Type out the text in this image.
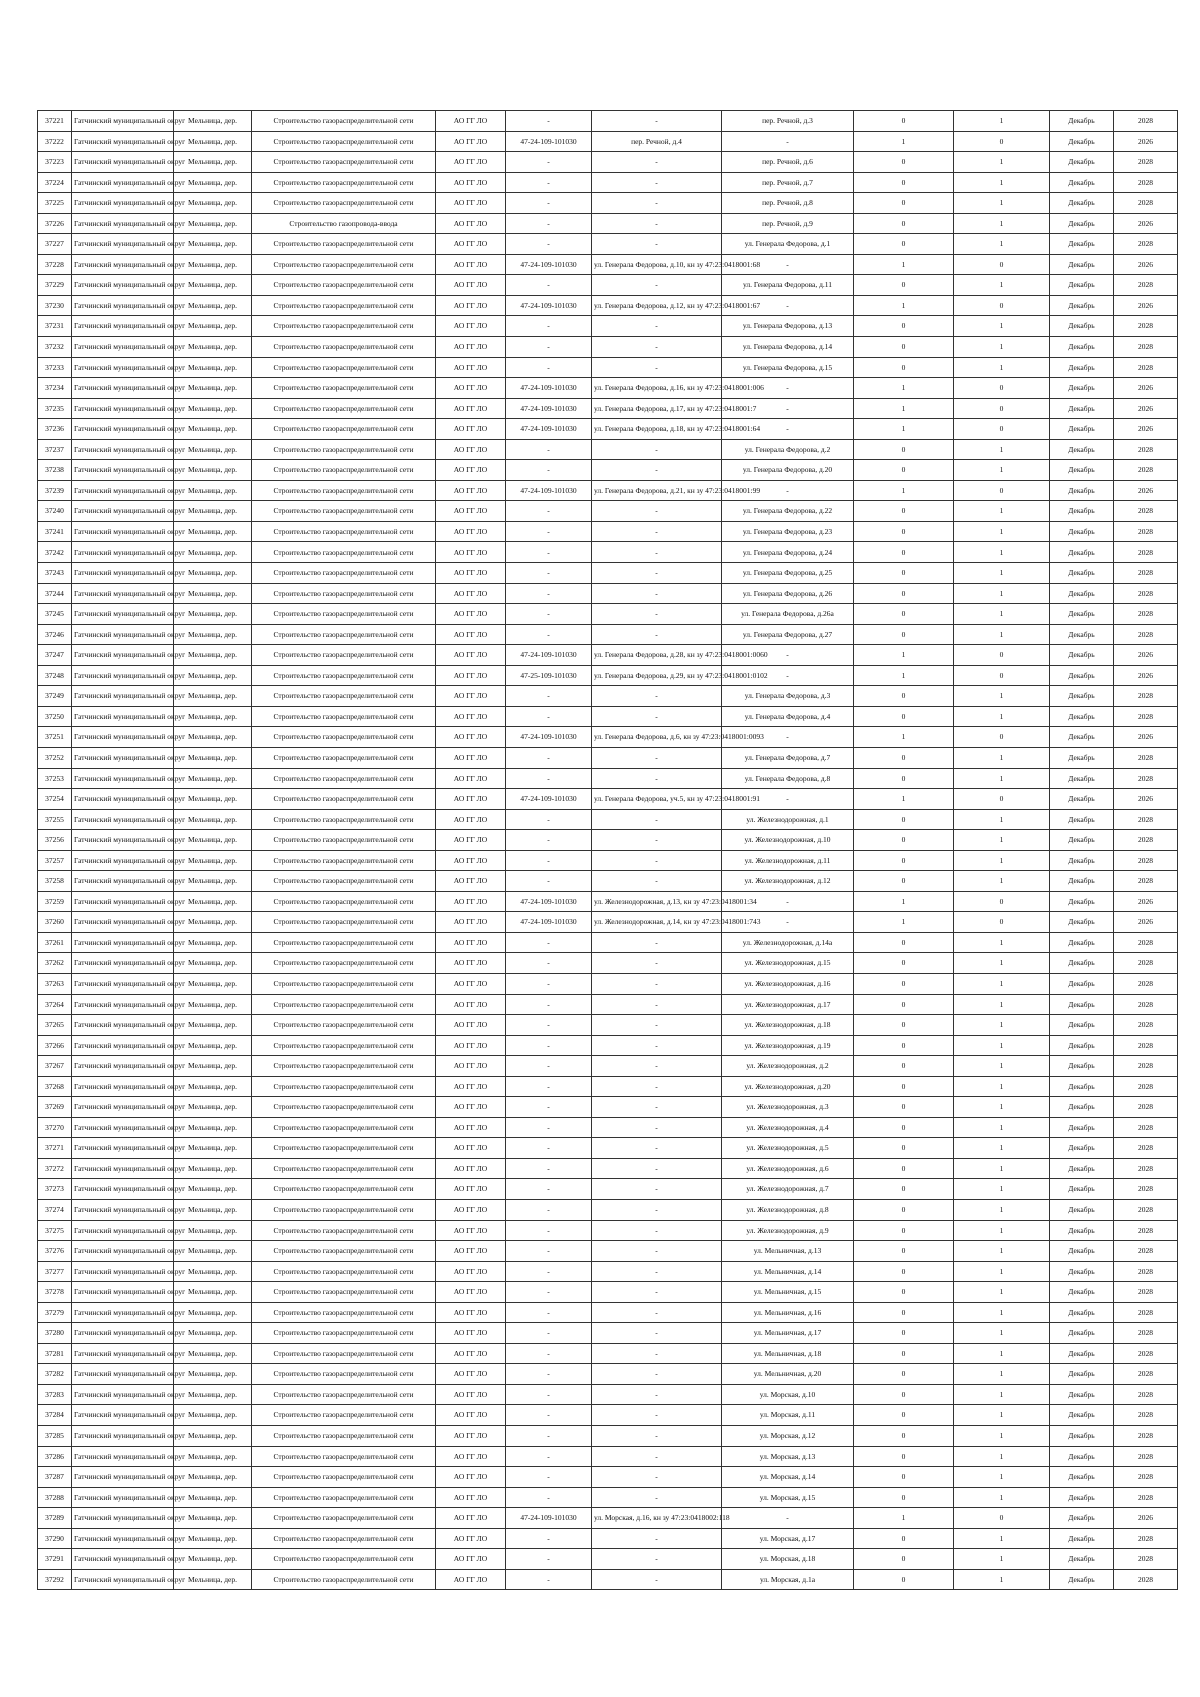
37221	Гатчинский муниципальный округ	Мельница, дер.	Строительство газораспределительной сети	АО ГГ ЛО	-	-	пер. Речной, д.3	0	1	Декабрь	2028
37222	Гатчинский муниципальный округ	Мельница, дер.	Строительство газораспределительной сети	АО ГГ ЛО	47-24-109-101030	пер. Речной, д.4	-	1	0	Декабрь	2026
37223	Гатчинский муниципальный округ	Мельница, дер.	Строительство газораспределительной сети	АО ГГ ЛО	-	-	пер. Речной, д.6	0	1	Декабрь	2028
37224	Гатчинский муниципальный округ	Мельница, дер.	Строительство газораспределительной сети	АО ГГ ЛО	-	-	пер. Речной, д.7	0	1	Декабрь	2028
37225	Гатчинский муниципальный округ	Мельница, дер.	Строительство газораспределительной сети	АО ГГ ЛО	-	-	пер. Речной, д.8	0	1	Декабрь	2028
37226	Гатчинский муниципальный округ	Мельница, дер.	Строительство газопровода-ввода	АО ГГ ЛО	-	-	пер. Речной, д.9	0	1	Декабрь	2026
37227	Гатчинский муниципальный округ	Мельница, дер.	Строительство газораспределительной сети	АО ГГ ЛО	-	-	ул. Генерала Федорова, д.1	0	1	Декабрь	2028
37228	Гатчинский муниципальный округ	Мельница, дер.	Строительство газораспределительной сети	АО ГГ ЛО	47-24-109-101030	ул. Генерала Федорова, д.10, кн зу 47:23:0418001:68	-	1	0	Декабрь	2026
37229	Гатчинский муниципальный округ	Мельница, дер.	Строительство газораспределительной сети	АО ГГ ЛО	-	-	ул. Генерала Федорова, д.11	0	1	Декабрь	2028
37230	Гатчинский муниципальный округ	Мельница, дер.	Строительство газораспределительной сети	АО ГГ ЛО	47-24-109-101030	ул. Генерала Федорова, д.12, кн зу 47:23:0418001:67	-	1	0	Декабрь	2026
37231	Гатчинский муниципальный округ	Мельница, дер.	Строительство газораспределительной сети	АО ГГ ЛО	-	-	ул. Генерала Федорова, д.13	0	1	Декабрь	2028
37232	Гатчинский муниципальный округ	Мельница, дер.	Строительство газораспределительной сети	АО ГГ ЛО	-	-	ул. Генерала Федорова, д.14	0	1	Декабрь	2028
37233	Гатчинский муниципальный округ	Мельница, дер.	Строительство газораспределительной сети	АО ГГ ЛО	-	-	ул. Генерала Федорова, д.15	0	1	Декабрь	2028
37234	Гатчинский муниципальный округ	Мельница, дер.	Строительство газораспределительной сети	АО ГГ ЛО	47-24-109-101030	ул. Генерала Федорова, д.16, кн зу 47:23:0418001:006	-	1	0	Декабрь	2026
37235	Гатчинский муниципальный округ	Мельница, дер.	Строительство газораспределительной сети	АО ГГ ЛО	47-24-109-101030	ул. Генерала Федорова, д.17, кн зу 47:23:0418001:7	-	1	0	Декабрь	2026
37236	Гатчинский муниципальный округ	Мельница, дер.	Строительство газораспределительной сети	АО ГГ ЛО	47-24-109-101030	ул. Генерала Федорова, д.18, кн зу 47:23:0418001:64	-	1	0	Декабрь	2026
37237	Гатчинский муниципальный округ	Мельница, дер.	Строительство газораспределительной сети	АО ГГ ЛО	-	-	ул. Генерала Федорова, д.2	0	1	Декабрь	2028
37238	Гатчинский муниципальный округ	Мельница, дер.	Строительство газораспределительной сети	АО ГГ ЛО	-	-	ул. Генерала Федорова, д.20	0	1	Декабрь	2028
37239	Гатчинский муниципальный округ	Мельница, дер.	Строительство газораспределительной сети	АО ГГ ЛО	47-24-109-101030	ул. Генерала Федорова, д.21, кн зу 47:23:0418001:99	-	1	0	Декабрь	2026
37240	Гатчинский муниципальный округ	Мельница, дер.	Строительство газораспределительной сети	АО ГГ ЛО	-	-	ул. Генерала Федорова, д.22	0	1	Декабрь	2028
37241	Гатчинский муниципальный округ	Мельница, дер.	Строительство газораспределительной сети	АО ГГ ЛО	-	-	ул. Генерала Федорова, д.23	0	1	Декабрь	2028
37242	Гатчинский муниципальный округ	Мельница, дер.	Строительство газораспределительной сети	АО ГГ ЛО	-	-	ул. Генерала Федорова, д.24	0	1	Декабрь	2028
37243	Гатчинский муниципальный округ	Мельница, дер.	Строительство газораспределительной сети	АО ГГ ЛО	-	-	ул. Генерала Федорова, д.25	0	1	Декабрь	2028
37244	Гатчинский муниципальный округ	Мельница, дер.	Строительство газораспределительной сети	АО ГГ ЛО	-	-	ул. Генерала Федорова, д.26	0	1	Декабрь	2028
37245	Гатчинский муниципальный округ	Мельница, дер.	Строительство газораспределительной сети	АО ГГ ЛО	-	-	ул. Генерала Федорова, д.26а	0	1	Декабрь	2028
37246	Гатчинский муниципальный округ	Мельница, дер.	Строительство газораспределительной сети	АО ГГ ЛО	-	-	ул. Генерала Федорова, д.27	0	1	Декабрь	2028
37247	Гатчинский муниципальный округ	Мельница, дер.	Строительство газораспределительной сети	АО ГГ ЛО	47-24-109-101030	ул. Генерала Федорова, д.28, кн зу 47:23:0418001:0060	-	1	0	Декабрь	2026
37248	Гатчинский муниципальный округ	Мельница, дер.	Строительство газораспределительной сети	АО ГГ ЛО	47-25-109-101030	ул. Генерала Федорова, д.29, кн зу 47:23:0418001:0102	-	1	0	Декабрь	2026
37249	Гатчинский муниципальный округ	Мельница, дер.	Строительство газораспределительной сети	АО ГГ ЛО	-	-	ул. Генерала Федорова, д.3	0	1	Декабрь	2028
37250	Гатчинский муниципальный округ	Мельница, дер.	Строительство газораспределительной сети	АО ГГ ЛО	-	-	ул. Генерала Федорова, д.4	0	1	Декабрь	2028
37251	Гатчинский муниципальный округ	Мельница, дер.	Строительство газораспределительной сети	АО ГГ ЛО	47-24-109-101030	ул. Генерала Федорова, д.6, кн зу 47:23:0418001:0093	-	1	0	Декабрь	2026
37252	Гатчинский муниципальный округ	Мельница, дер.	Строительство газораспределительной сети	АО ГГ ЛО	-	-	ул. Генерала Федорова, д.7	0	1	Декабрь	2028
37253	Гатчинский муниципальный округ	Мельница, дер.	Строительство газораспределительной сети	АО ГГ ЛО	-	-	ул. Генерала Федорова, д.8	0	1	Декабрь	2028
37254	Гатчинский муниципальный округ	Мельница, дер.	Строительство газораспределительной сети	АО ГГ ЛО	47-24-109-101030	ул. Генерала Федорова, уч.5, кн зу 47:23:0418001:91	-	1	0	Декабрь	2026
37255	Гатчинский муниципальный округ	Мельница, дер.	Строительство газораспределительной сети	АО ГГ ЛО	-	-	ул. Железнодорожная, д.1	0	1	Декабрь	2028
37256	Гатчинский муниципальный округ	Мельница, дер.	Строительство газораспределительной сети	АО ГГ ЛО	-	-	ул. Железнодорожная, д.10	0	1	Декабрь	2028
37257	Гатчинский муниципальный округ	Мельница, дер.	Строительство газораспределительной сети	АО ГГ ЛО	-	-	ул. Железнодорожная, д.11	0	1	Декабрь	2028
37258	Гатчинский муниципальный округ	Мельница, дер.	Строительство газораспределительной сети	АО ГГ ЛО	-	-	ул. Железнодорожная, д.12	0	1	Декабрь	2028
37259	Гатчинский муниципальный округ	Мельница, дер.	Строительство газораспределительной сети	АО ГГ ЛО	47-24-109-101030	ул. Железнодорожная, д.13, кн зу 47:23:0418001:34	-	1	0	Декабрь	2026
37260	Гатчинский муниципальный округ	Мельница, дер.	Строительство газораспределительной сети	АО ГГ ЛО	47-24-109-101030	ул. Железнодорожная, д.14, кн зу 47:23:0418001:743	-	1	0	Декабрь	2026
37261	Гатчинский муниципальный округ	Мельница, дер.	Строительство газораспределительной сети	АО ГГ ЛО	-	-	ул. Железнодорожная, д.14а	0	1	Декабрь	2028
37262	Гатчинский муниципальный округ	Мельница, дер.	Строительство газораспределительной сети	АО ГГ ЛО	-	-	ул. Железнодорожная, д.15	0	1	Декабрь	2028
37263	Гатчинский муниципальный округ	Мельница, дер.	Строительство газораспределительной сети	АО ГГ ЛО	-	-	ул. Железнодорожная, д.16	0	1	Декабрь	2028
37264	Гатчинский муниципальный округ	Мельница, дер.	Строительство газораспределительной сети	АО ГГ ЛО	-	-	ул. Железнодорожная, д.17	0	1	Декабрь	2028
37265	Гатчинский муниципальный округ	Мельница, дер.	Строительство газораспределительной сети	АО ГГ ЛО	-	-	ул. Железнодорожная, д.18	0	1	Декабрь	2028
37266	Гатчинский муниципальный округ	Мельница, дер.	Строительство газораспределительной сети	АО ГГ ЛО	-	-	ул. Железнодорожная, д.19	0	1	Декабрь	2028
37267	Гатчинский муниципальный округ	Мельница, дер.	Строительство газораспределительной сети	АО ГГ ЛО	-	-	ул. Железнодорожная, д.2	0	1	Декабрь	2028
37268	Гатчинский муниципальный округ	Мельница, дер.	Строительство газораспределительной сети	АО ГГ ЛО	-	-	ул. Железнодорожная, д.20	0	1	Декабрь	2028
37269	Гатчинский муниципальный округ	Мельница, дер.	Строительство газораспределительной сети	АО ГГ ЛО	-	-	ул. Железнодорожная, д.3	0	1	Декабрь	2028
37270	Гатчинский муниципальный округ	Мельница, дер.	Строительство газораспределительной сети	АО ГГ ЛО	-	-	ул. Железнодорожная, д.4	0	1	Декабрь	2028
37271	Гатчинский муниципальный округ	Мельница, дер.	Строительство газораспределительной сети	АО ГГ ЛО	-	-	ул. Железнодорожная, д.5	0	1	Декабрь	2028
37272	Гатчинский муниципальный округ	Мельница, дер.	Строительство газораспределительной сети	АО ГГ ЛО	-	-	ул. Железнодорожная, д.6	0	1	Декабрь	2028
37273	Гатчинский муниципальный округ	Мельница, дер.	Строительство газораспределительной сети	АО ГГ ЛО	-	-	ул. Железнодорожная, д.7	0	1	Декабрь	2028
37274	Гатчинский муниципальный округ	Мельница, дер.	Строительство газораспределительной сети	АО ГГ ЛО	-	-	ул. Железнодорожная, д.8	0	1	Декабрь	2028
37275	Гатчинский муниципальный округ	Мельница, дер.	Строительство газораспределительной сети	АО ГГ ЛО	-	-	ул. Железнодорожная, д.9	0	1	Декабрь	2028
37276	Гатчинский муниципальный округ	Мельница, дер.	Строительство газораспределительной сети	АО ГГ ЛО	-	-	ул. Мельничная, д.13	0	1	Декабрь	2028
37277	Гатчинский муниципальный округ	Мельница, дер.	Строительство газораспределительной сети	АО ГГ ЛО	-	-	ул. Мельничная, д.14	0	1	Декабрь	2028
37278	Гатчинский муниципальный округ	Мельница, дер.	Строительство газораспределительной сети	АО ГГ ЛО	-	-	ул. Мельничная, д.15	0	1	Декабрь	2028
37279	Гатчинский муниципальный округ	Мельница, дер.	Строительство газораспределительной сети	АО ГГ ЛО	-	-	ул. Мельничная, д.16	0	1	Декабрь	2028
37280	Гатчинский муниципальный округ	Мельница, дер.	Строительство газораспределительной сети	АО ГГ ЛО	-	-	ул. Мельничная, д.17	0	1	Декабрь	2028
37281	Гатчинский муниципальный округ	Мельница, дер.	Строительство газораспределительной сети	АО ГГ ЛО	-	-	ул. Мельничная, д.18	0	1	Декабрь	2028
37282	Гатчинский муниципальный округ	Мельница, дер.	Строительство газораспределительной сети	АО ГГ ЛО	-	-	ул. Мельничная, д.20	0	1	Декабрь	2028
37283	Гатчинский муниципальный округ	Мельница, дер.	Строительство газораспределительной сети	АО ГГ ЛО	-	-	ул. Морская, д.10	0	1	Декабрь	2028
37284	Гатчинский муниципальный округ	Мельница, дер.	Строительство газораспределительной сети	АО ГГ ЛО	-	-	ул. Морская, д.11	0	1	Декабрь	2028
37285	Гатчинский муниципальный округ	Мельница, дер.	Строительство газораспределительной сети	АО ГГ ЛО	-	-	ул. Морская, д.12	0	1	Декабрь	2028
37286	Гатчинский муниципальный округ	Мельница, дер.	Строительство газораспределительной сети	АО ГГ ЛО	-	-	ул. Морская, д.13	0	1	Декабрь	2028
37287	Гатчинский муниципальный округ	Мельница, дер.	Строительство газораспределительной сети	АО ГГ ЛО	-	-	ул. Морская, д.14	0	1	Декабрь	2028
37288	Гатчинский муниципальный округ	Мельница, дер.	Строительство газораспределительной сети	АО ГГ ЛО	-	-	ул. Морская, д.15	0	1	Декабрь	2028
37289	Гатчинский муниципальный округ	Мельница, дер.	Строительство газораспределительной сети	АО ГГ ЛО	47-24-109-101030	ул. Морская, д.16, кн зу 47:23:0418002:118	-	1	0	Декабрь	2026
37290	Гатчинский муниципальный округ	Мельница, дер.	Строительство газораспределительной сети	АО ГГ ЛО	-	-	ул. Морская, д.17	0	1	Декабрь	2028
37291	Гатчинский муниципальный округ	Мельница, дер.	Строительство газораспределительной сети	АО ГГ ЛО	-	-	ул. Морская, д.18	0	1	Декабрь	2028
37292	Гатчинский муниципальный округ	Мельница, дер.	Строительство газораспределительной сети	АО ГГ ЛО	-	-	ул. Морская, д.1а	0	1	Декабрь	2028
